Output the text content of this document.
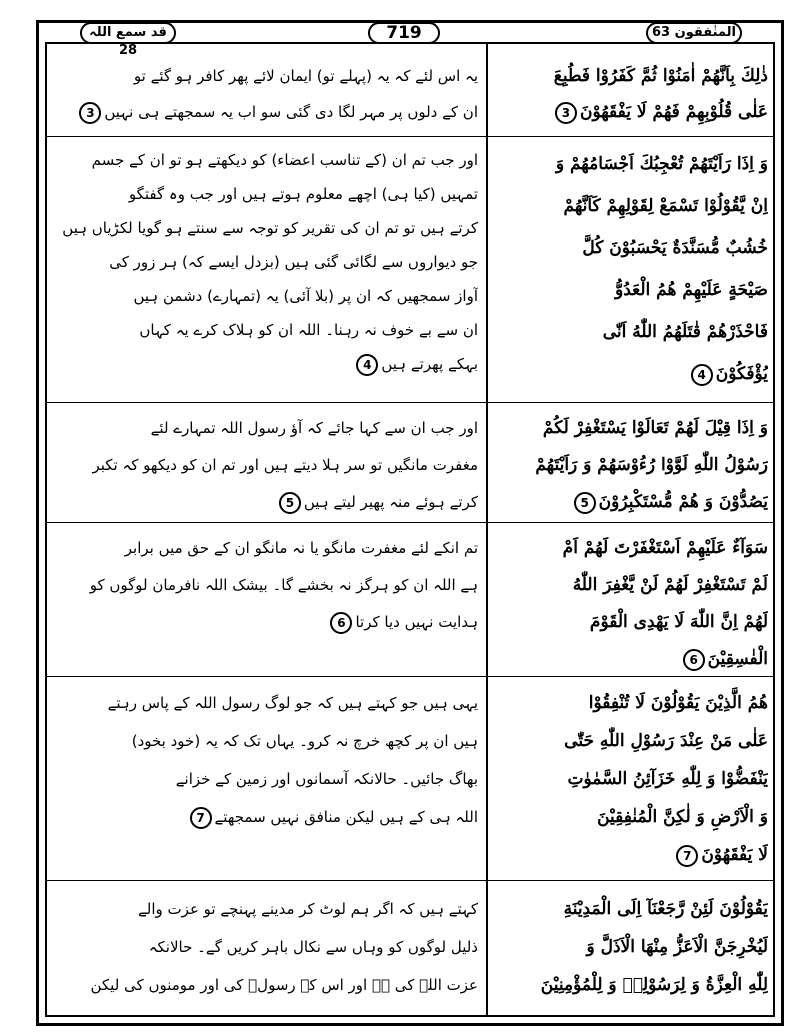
قد سمع اللہ 28
719	المنٰفقون 63
ذٰلِكَ بِاَنَّهُمْ اٰمَنُوْا ثُمَّ كَفَرُوْا فَطُبِعَ
عَلٰى قُلُوْبِهِمْ فَهُمْ لَا يَفْقَهُوْنَ3
یہ اس لئے کہ یہ (پہلے تو) ایمان لائے پھر کافر ہو گئے تو
ان کے دلوں پر مہر لگا دی گئی سو اب یہ سمجھتے ہی نہیں3
وَ اِذَا رَاَيْتَهُمْ تُعْجِبُكَ اَجْسَامُهُمْ وَ
اِنْ يَّقُوْلُوْا تَسْمَعْ لِقَوْلِهِمْ كَاَنَّهُمْ
خُشُبٌ مُّسَنَّدَةٌ يَحْسَبُوْنَ كُلَّ
صَيْحَةٍ عَلَيْهِمْ هُمُ الْعَدُوُّ
فَاحْذَرْهُمْ قٰتَلَهُمُ اللّٰهُ اَنّٰى
يُؤْفَكُوْنَ4
اور جب تم ان (کے تناسب اعضاء) کو دیکھتے ہو تو ان کے جسم
تمہیں (کیا ہی) اچھے معلوم ہوتے ہیں اور جب وہ گفتگو
کرتے ہیں تو تم ان کی تقریر کو توجہ سے سنتے ہو گویا لکڑیاں ہیں
جو دیواروں سے لگائی گئی ہیں (بزدل ایسے کہ) ہر زور کی
آواز سمجھیں کہ ان پر (بلا آئی) یہ (تمہارے) دشمن ہیں
ان سے بے خوف نہ رہنا۔ اللہ ان کو ہلاک کرے یہ کہاں
بہکے پھرتے ہیں4
وَ اِذَا قِيْلَ لَهُمْ تَعَالَوْا يَسْتَغْفِرْ لَكُمْ
رَسُوْلُ اللّٰهِ لَوَّوْا رُءُوْسَهُمْ وَ رَاَيْتَهُمْ
يَصُدُّوْنَ وَ هُمْ مُّسْتَكْبِرُوْنَ5
اور جب ان سے کہا جائے کہ آؤ رسول اللہ تمہارے لئے
مغفرت مانگیں تو سر ہلا دیتے ہیں اور تم ان کو دیکھو کہ تکبر
کرتے ہوئے منہ پھیر لیتے ہیں5
سَوَآءٌ عَلَيْهِمْ اَسْتَغْفَرْتَ لَهُمْ اَمْ
لَمْ تَسْتَغْفِرْ لَهُمْ لَنْ يَّغْفِرَ اللّٰهُ
لَهُمْ اِنَّ اللّٰهَ لَا يَهْدِى الْقَوْمَ
الْفٰسِقِيْنَ6
تم انکے لئے مغفرت مانگو یا نہ مانگو ان کے حق میں برابر
ہے اللہ ان کو ہرگز نہ بخشے گا۔ بیشک اللہ نافرمان لوگوں کو
ہدایت نہیں دیا کرتا6
هُمُ الَّذِيْنَ يَقُوْلُوْنَ لَا تُنْفِقُوْا
عَلٰى مَنْ عِنْدَ رَسُوْلِ اللّٰهِ حَتّٰى
يَنْفَضُّوْا وَ لِلّٰهِ خَزَآئِنُ السَّمٰوٰتِ
وَ الْاَرْضِ وَ لٰكِنَّ الْمُنٰفِقِيْنَ
لَا يَفْقَهُوْنَ7
یہی ہیں جو کہتے ہیں کہ جو لوگ رسول اللہ کے پاس رہتے
ہیں ان پر کچھ خرچ نہ کرو۔ یہاں تک کہ یہ (خود بخود)
بھاگ جائیں۔ حالانکہ آسمانوں اور زمین کے خزانے
اللہ ہی کے ہیں لیکن منافق نہیں سمجھتے7
يَقُوْلُوْنَ لَئِنْ رَّجَعْنَآ اِلَى الْمَدِيْنَةِ
لَيُخْرِجَنَّ الْاَعَزُّ مِنْهَا الْاَذَلَّ وَ
لِلّٰهِ الْعِزَّةُ وَ لِرَسُوْلِهٖ وَ لِلْمُؤْمِنِيْنَ
کہتے ہیں کہ اگر ہم لوٹ کر مدینے پہنچے تو عزت والے
ذلیل لوگوں کو وہاں سے نکال باہر کریں گے۔ حالانکہ
عزت اللہ کی ہے اور اس کے رسولؐ کی اور مومنوں کی لیکن
